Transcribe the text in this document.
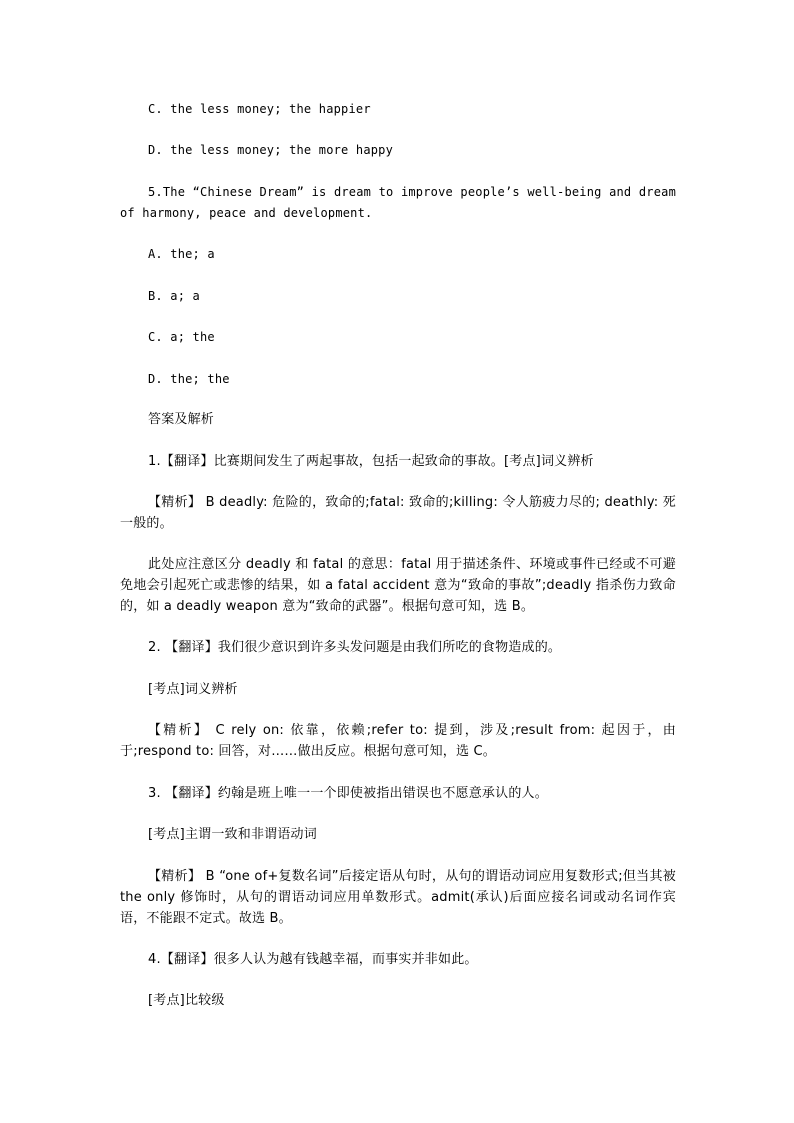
C. the less money; the happier
D. the less money; the more happy
5.The “Chinese Dream” is dream to improve people’s well-being and dream of harmony, peace and development.
A. the; a
B. a; a
C. a; the
D. the; the
答案及解析
1.【翻译】比赛期间发生了两起事故，包括一起致命的事故。[考点]词义辨析
【精析】 B deadly: 危险的，致命的;fatal: 致命的;killing: 令人筋疲力尽的; deathly: 死一般的。
此处应注意区分 deadly 和 fatal 的意思：fatal 用于描述条件、环境或事件已经或不可避免地会引起死亡或悲惨的结果，如 a fatal accident 意为“致命的事故”;deadly 指杀伤力致命的，如 a deadly weapon 意为“致命的武器”。根据句意可知，选 B。
2. 【翻译】我们很少意识到许多头发问题是由我们所吃的食物造成的。
[考点]词义辨析
【精析】 C rely on: 依靠，依赖;refer to: 提到，涉及;result from: 起因于，由于;respond to: 回答，对……做出反应。根据句意可知，选 C。
3. 【翻译】约翰是班上唯一一个即使被指出错误也不愿意承认的人。
[考点]主谓一致和非谓语动词
【精析】 B “one of+复数名词”后接定语从句时，从句的谓语动词应用复数形式;但当其被 the only 修饰时，从句的谓语动词应用单数形式。admit(承认)后面应接名词或动名词作宾语，不能跟不定式。故选 B。
4.【翻译】很多人认为越有钱越幸福，而事实并非如此。
[考点]比较级
